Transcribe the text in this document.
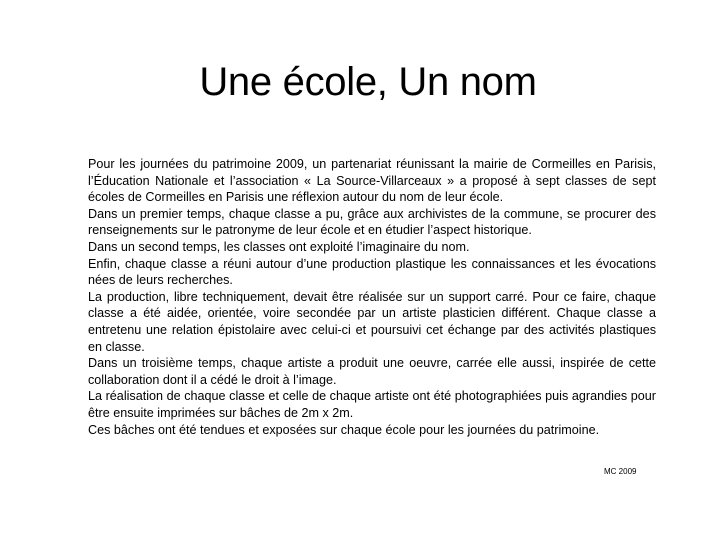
Une école, Un nom

Pour les journées du patrimoine 2009, un partenariat réunissant la mairie de Cormeilles en Parisis, l’Éducation Nationale et l’association « La Source-Villarceaux » a proposé à sept classes de sept écoles de Cormeilles en Parisis une réflexion autour du nom de leur école.

Dans un premier temps, chaque classe a pu, grâce aux archivistes de la commune, se procurer des renseignements sur le patronyme de leur école et en étudier l’aspect historique.

Dans un second temps, les classes ont exploité l’imaginaire du nom.

Enfin, chaque classe a réuni autour d’une production plastique les connaissances et les évocations nées de leurs recherches.

La production, libre techniquement, devait être réalisée sur un support carré. Pour ce faire, chaque classe a été aidée, orientée, voire secondée par un artiste plasticien différent. Chaque classe a entretenu une relation épistolaire avec celui-ci et poursuivi cet échange par des activités plastiques en classe.

Dans un troisième temps, chaque artiste a produit une oeuvre, carrée elle aussi, inspirée de cette collaboration dont il a cédé le droit à l’image.

La réalisation de chaque classe et celle de chaque artiste ont été photographiées puis agrandies pour être ensuite imprimées sur bâches de 2m x 2m.

Ces bâches ont été tendues et exposées sur chaque école pour les journées du patrimoine.

MC 2009
